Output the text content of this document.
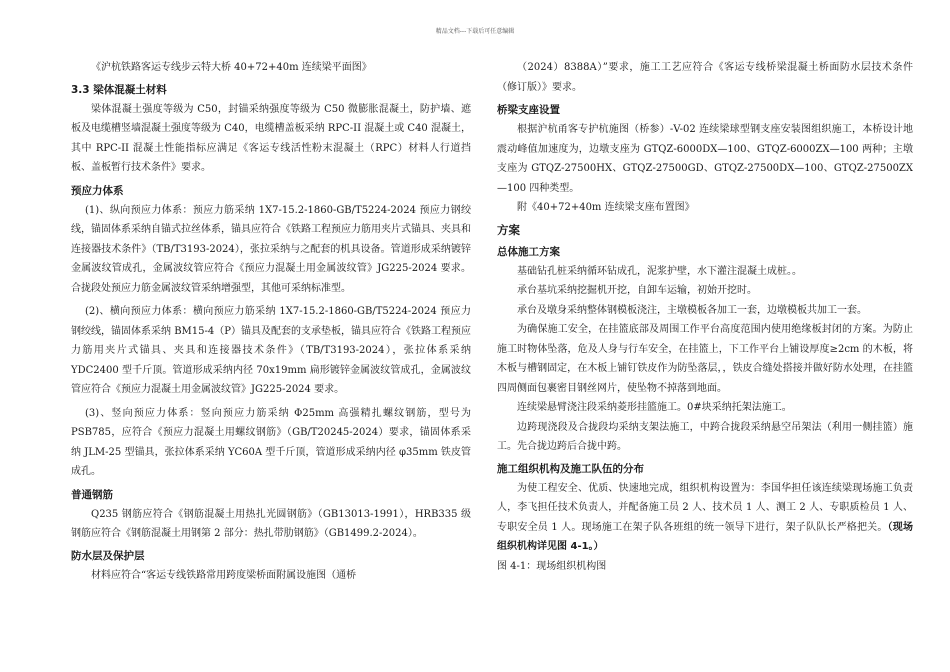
精品文档---下载后可任意编辑

《沪杭铁路客运专线步云特大桥 40+72+40m 连续梁平面图》

3.3 梁体混凝土材料

梁体混凝土强度等级为 C50，封锚采纳强度等级为 C50 微膨胀混凝土，防护墙、遮板及电缆槽竖墙混凝土强度等级为 C40，电缆槽盖板采纳 RPC-II 混凝土或 C40 混凝土，其中 RPC-II 混凝土性能指标应满足《客运专线活性粉末混凝土（RPC）材料人行道挡板、盖板暂行技术条件》要求。

预应力体系

(1)、纵向预应力体系：预应力筋采纳 1X7-15.2-1860-GB/T5224-2024 预应力钢绞线，锚固体系采纳自锚式拉丝体系，锚具应符合《铁路工程预应力筋用夹片式锚具、夹具和连接器技术条件》（TB/T3193-2024），张拉采纳与之配套的机具设备。管道形成采纳镀锌金属波纹管成孔，金属波纹管应符合《预应力混凝土用金属波纹管》JG225-2024 要求。合拢段处预应力筋金属波纹管采纳增强型，其他可采纳标准型。

(2)、横向预应力体系：横向预应力筋采纳 1X7-15.2-1860-GB/T5224-2024 预应力钢绞线，锚固体系采纳 BM15-4（P）锚具及配套的支承垫板，锚具应符合《铁路工程预应力筋用夹片式锚具、夹具和连接器技术条件》（TB/T3193-2024），张拉体系采纳 YDC2400 型千斤顶。管道形成采纳内径 70x19mm 扁形镀锌金属波纹管成孔，金属波纹管应符合《预应力混凝土用金属波纹管》JG225-2024 要求。

(3)、竖向预应力体系：竖向预应力筋采纳 Φ25mm 高强精扎螺纹钢筋，型号为 PSB785，应符合《预应力混凝土用螺纹钢筋》（GB/T20245-2024）要求，锚固体系采纳 JLM-25 型锚具，张拉体系采纳 YC60A 型千斤顶，管道形成采纳内径 φ35mm 铁皮管成孔。

普通钢筋

Q235 钢筋应符合《钢筋混凝土用热扎光圆钢筋》（GB13013-1991），HRB335 级钢筋应符合《钢筋混凝土用钢第 2 部分：热扎带肋钢筋》（GB1499.2-2024）。

防水层及保护层

材料应符合“客运专线铁路常用跨度梁桥面附属设施图（通桥

（2024）8388A）”要求，施工工艺应符合《客运专线桥梁混凝土桥面防水层技术条件（修订版）》要求。

桥梁支座设置

根据沪杭甬客专护杭施图（桥参）-V-02 连续梁球型钢支座安装图组织施工，本桥设计地震动峰值加速度为，边墩支座为 GTQZ-6000DX—100、GTQZ-6000ZX—100 两种；主墩支座为 GTQZ-27500HX、GTQZ-27500GD、GTQZ-27500DX—100、GTQZ-27500ZX—100 四种类型。

附《40+72+40m 连续梁支座布置图》

方案

总体施工方案

基础钻孔桩采纳循环钻成孔，泥浆护壁，水下灌注混凝土成桩。。

承台基坑采纳挖掘机开挖，自卸车运输，初始开挖时。

承台及墩身采纳整体钢模板浇注，主墩模板各加工一套，边墩模板共加工一套。

为确保施工安全，在挂篮底部及周围工作平台高度范围内使用绝缘板封闭的方案。为防止施工时物体坠落，危及人身与行车安全，在挂篮上，下工作平台上铺设厚度≥2cm 的木板，将木板与槽钢固定，在木板上铺钉铁皮作为防坠落层，，铁皮合缝处搭接并做好防水处理，在挂篮四周侧面包裹密目钢丝网片，使坠物不掉落到地面。

连续梁悬臂浇注段采纳菱形挂篮施工。0#块采纳托架法施工。

边跨现浇段及合拢段均采纳支架法施工，中跨合拢段采纳悬空吊架法（利用一侧挂篮）施工。先合拢边跨后合拢中跨。

施工组织机构及施工队伍的分布

为使工程安全、优质、快速地完成，组织机构设置为：李国华担任该连续梁现场施工负责人，李飞担任技术负责人，并配备施工员 2 人、技术员 1 人、测工 2 人、专职质检员 1 人、专职安全员 1 人。现场施工在架子队各班组的统一领导下进行，架子队队长严格把关。（现场组织机构详见图 4-1。）

图 4-1：现场组织机构图
